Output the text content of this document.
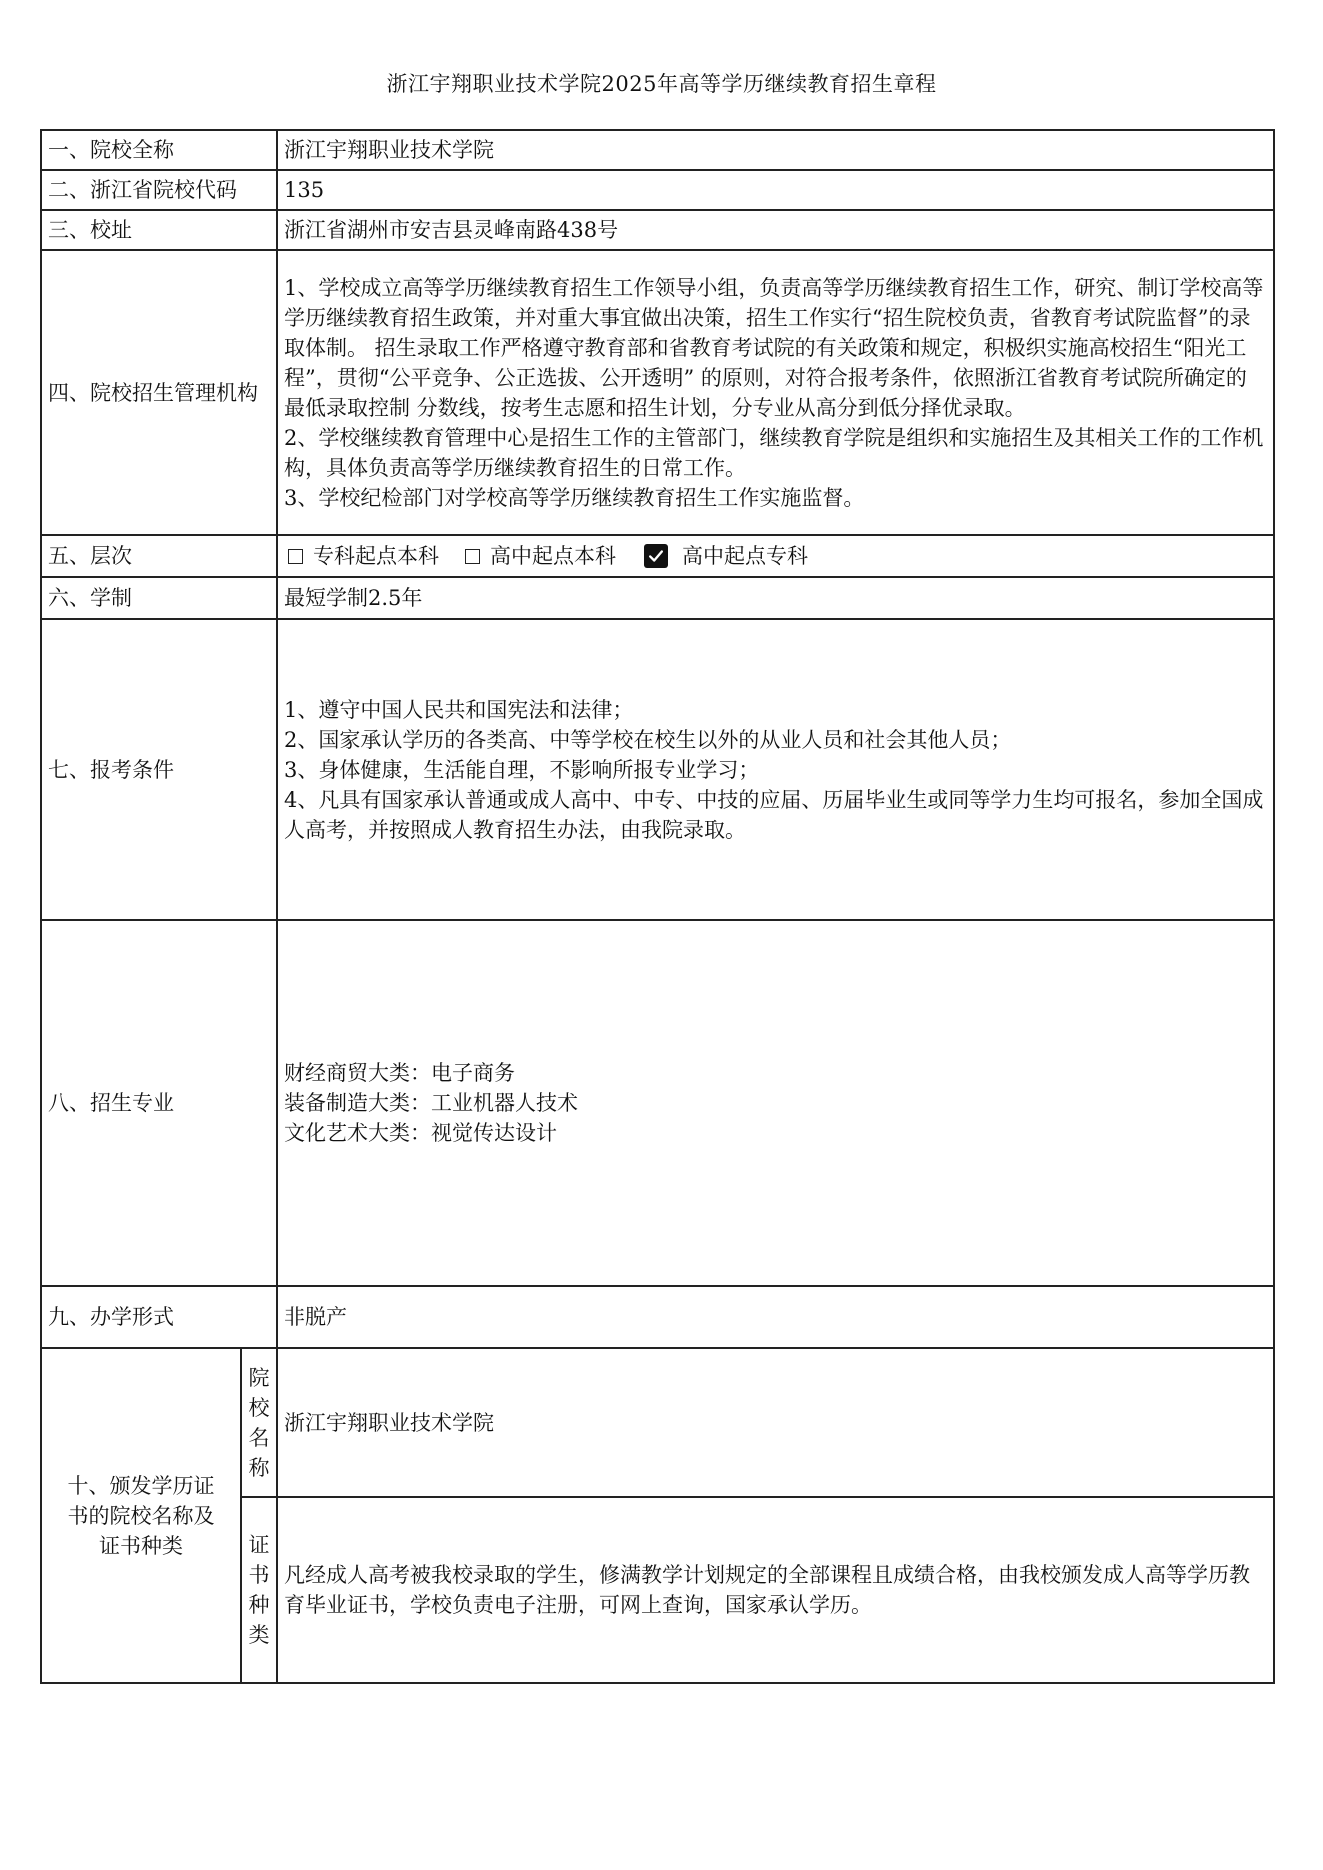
浙江宇翔职业技术学院2025年高等学历继续教育招生章程
一、院校全称		浙江宇翔职业技术学院
二、浙江省院校代码		135
三、校址		浙江省湖州市安吉县灵峰南路438号
四、院校招生管理机构		1、学校成立高等学历继续教育招生工作领导小组，负责高等学历继续教育招生工作，研究、制订学校高等学历继续教育招生政策，并对重大事宜做出决策，招生工作实行“招生院校负责，省教育考试院监督”的录取体制。 招生录取工作严格遵守教育部和省教育考试院的有关政策和规定，积极织实施高校招生“阳光工程”，贯彻“公平竞争、公正选拔、公开透明” 的原则，对符合报考条件，依照浙江省教育考试院所确定的最低录取控制 分数线，按考生志愿和招生计划，分专业从高分到低分择优录取。

2、学校继续教育管理中心是招生工作的主管部门，继续教育学院是组织和实施招生及其相关工作的工作机构，具体负责高等学历继续教育招生的日常工作。

3、学校纪检部门对学校高等学历继续教育招生工作实施监督。

五、层次		专科起点本科 高中起点本科 高中起点专科

六、学制		最短学制2.5年
七、报考条件		1、遵守中国人民共和国宪法和法律；
2、国家承认学历的各类高、中等学校在校生以外的从业人员和社会其他人员；
3、身体健康，生活能自理，不影响所报专业学习；
4、凡具有国家承认普通或成人高中、中专、中技的应届、历届毕业生或同等学力生均可报名，参加全国成人高考，并按照成人教育招生办法，由我院录取。

八、招生专业		财经商贸大类：电子商务
装备制造大类：工业机器人技术
文化艺术大类：视觉传达设计

九、办学形式		非脱产

十、颁发学历证
书的院校名称及
证书种类	院
校
名
称	浙江宇翔职业技术学院

	证
书
种
类	凡经成人高考被我校录取的学生，修满教学计划规定的全部课程且成绩合格，由我校颁发成人高等学历教育毕业证书，学校负责电子注册，可网上查询，国家承认学历。
